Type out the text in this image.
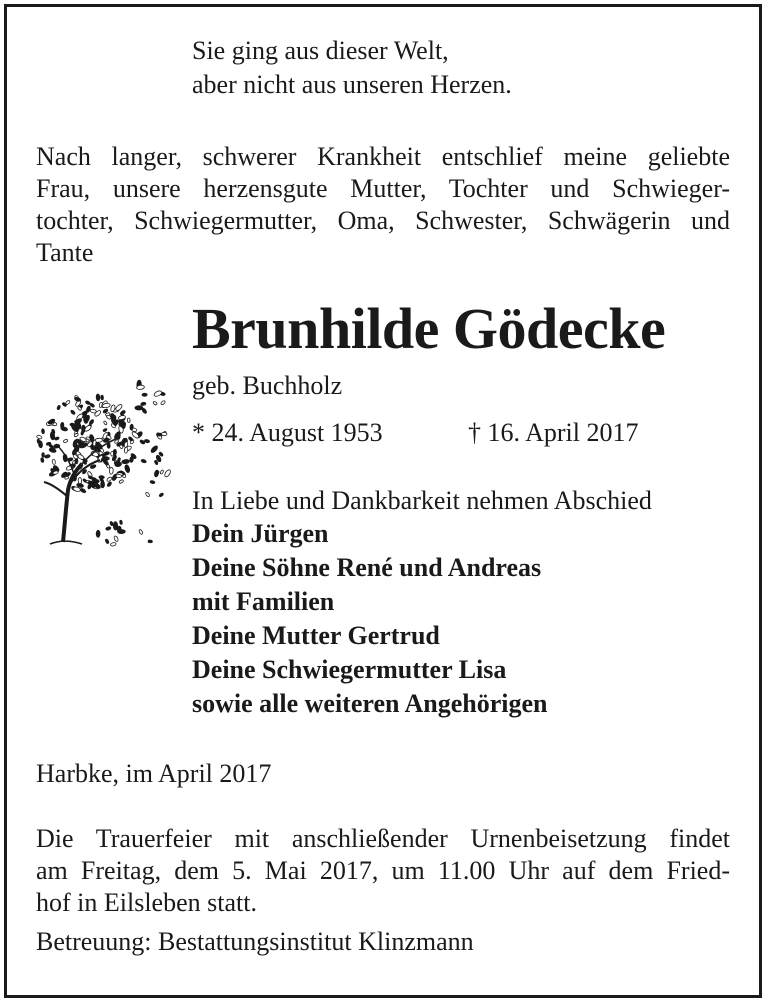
Sie ging aus dieser Welt,

aber nicht aus unseren Herzen.

Nach langer, schwerer Krankheit entschlief meine geliebte
Frau, unsere herzensgute Mutter, Tochter und Schwieger-
tochter, Schwiegermutter, Oma, Schwester, Schwägerin und
Tante
Brunhilde Gödecke

geb. Buchholz

* 24. August 1953	† 16. April 2017

In Liebe und Dankbarkeit nehmen Abschied

Dein Jürgen

Deine Söhne René und Andreas

mit Familien

Deine Mutter Gertrud

Deine Schwiegermutter Lisa

sowie alle weiteren Angehörigen

Harbke, im April 2017

Die Trauerfeier mit anschließender Urnenbeisetzung findet
am Freitag, dem 5. Mai 2017, um 11.00 Uhr auf dem Fried-
hof in Eilsleben statt.

Betreuung: Bestattungsinstitut Klinzmann
